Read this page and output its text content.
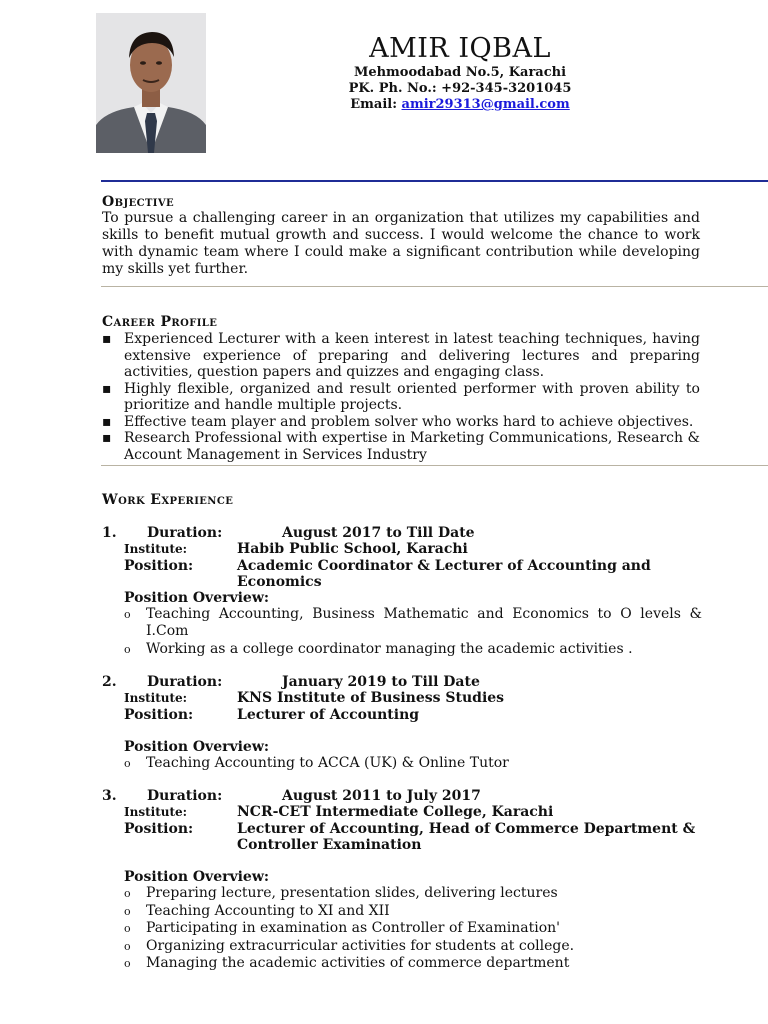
AMIR IQBAL
Mehmoodabad No.5, Karachi
PK. Ph. No.: +92-345-3201045
Email: amir29313@gmail.com
Objective
To pursue a challenging career in an organization that utilizes my capabilities and skills to benefit mutual growth and success. I would welcome the chance to work with dynamic team where I could make a significant contribution while developing my skills yet further.
Career Profile
▪ Experienced Lecturer with a keen interest in latest teaching techniques, having extensive experience of preparing and delivering lectures and preparing activities, question papers and quizzes and engaging class.
▪ Highly flexible, organized and result oriented performer with proven ability to prioritize and handle multiple projects.
▪ Effective team player and problem solver who works hard to achieve objectives.
▪ Research Professional with expertise in Marketing Communications, Research & Account Management in Services Industry
Work Experience
1. Duration:	August 2017 to Till Date
Institute:	Habib Public School, Karachi
Position:	Academic Coordinator & Lecturer of Accounting and Economics
Position Overview:
o Teaching Accounting, Business Mathematic and Economics to O levels & I.Com
o Working as a college coordinator managing the academic activities .
2. Duration:	January 2019 to Till Date
Institute:	KNS Institute of Business Studies
Position:	Lecturer of Accounting
Position Overview:
o Teaching Accounting to ACCA (UK) & Online Tutor
3. Duration:	August 2011 to July 2017
Institute:	NCR-CET Intermediate College, Karachi
Position:	Lecturer of Accounting, Head of Commerce Department &
Controller Examination
Position Overview:
o Preparing lecture, presentation slides, delivering lectures
o Teaching Accounting to XI and XII
o Participating in examination as Controller of Examination'
o Organizing extracurricular activities for students at college.
o Managing the academic activities of commerce department
